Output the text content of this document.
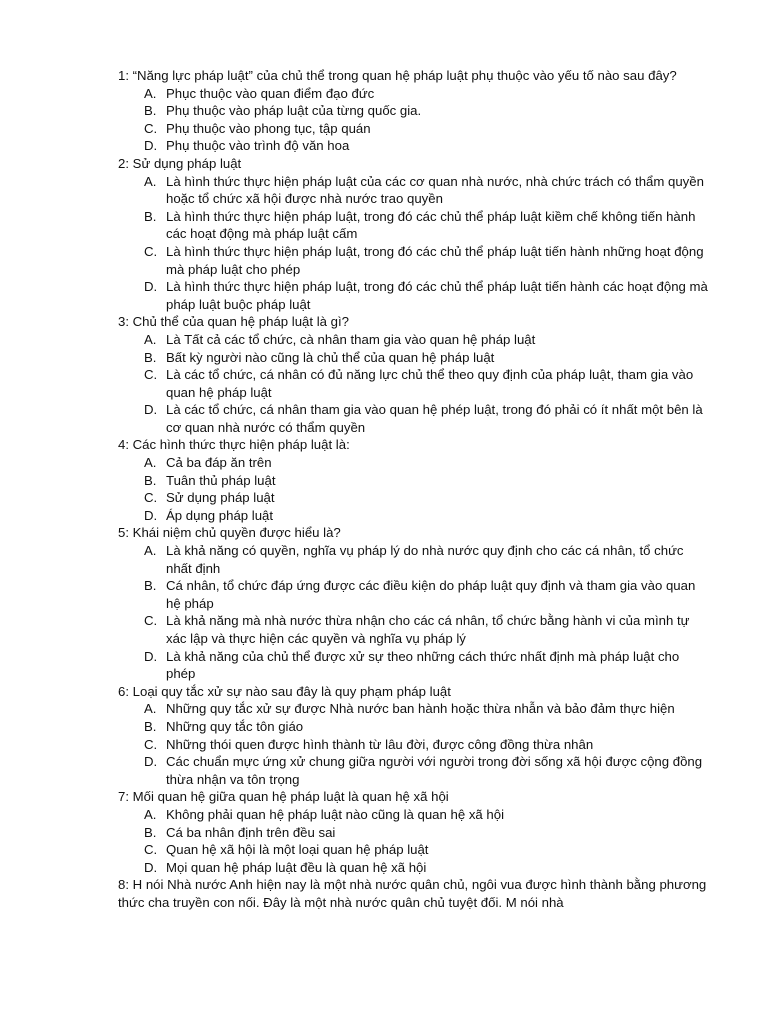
1: “Năng lực pháp luật” của chủ thể trong quan hệ pháp luật phụ thuộc vào yếu tố nào sau đây?

A. Phục thuộc vào quan điểm đạo đức
B. Phụ thuộc vào pháp luật của từng quốc gia.
C. Phụ thuộc vào phong tục, tập quán
D. Phụ thuộc vào trình độ văn hoa

2: Sử dụng pháp luật

A. Là hình thức thực hiện pháp luật của các cơ quan nhà nước, nhà chức trách có thẩm quyền hoặc tổ chức xã hội được nhà nước trao quyền
B. Là hình thức thực hiện pháp luật, trong đó các chủ thể pháp luật kiềm chế không tiến hành các hoạt động mà pháp luật cấm
C. Là hình thức thực hiện pháp luật, trong đó các chủ thể pháp luật tiến hành những hoạt động mà pháp luật cho phép
D. Là hình thức thực hiện pháp luật, trong đó các chủ thể pháp luật tiến hành các hoạt động mà pháp luật buộc pháp luật

3: Chủ thể của quan hệ pháp luật là gì?

A. Là Tất cả các tổ chức, cà nhân tham gia vào quan hệ pháp luật
B. Bất kỳ người nào cũng là chủ thể của quan hệ pháp luật
C. Là các tổ chức, cá nhân có đủ năng lực chủ thể theo quy định của pháp luật, tham gia vào quan hệ pháp luật
D. Là các tổ chức, cá nhân tham gia vào quan hệ phép luật, trong đó phải có ít nhất một bên là cơ quan nhà nước có thẩm quyền

4: Các hình thức thực hiện pháp luật là:

A. Cả ba đáp ăn trên
B. Tuân thủ pháp luật
C. Sử dụng pháp luật
D. Áp dụng pháp luật

5: Khái niệm chủ quyền được hiểu là?

A. Là khả năng có quyền, nghĩa vụ pháp lý do nhà nước quy định cho các cá nhân, tổ chức nhất định
B. Cá nhân, tổ chức đáp ứng được các điều kiện do pháp luật quy định và tham gia vào quan hệ pháp
C. Là khả năng mà nhà nước thừa nhận cho các cá nhân, tổ chức bằng hành vi của mình tự xác lập và thực hiện các quyền và nghĩa vụ pháp lý
D. Là khả năng của chủ thể được xử sự theo những cách thức nhất định mà pháp luật cho phép

6: Loại quy tắc xử sự nào sau đây là quy phạm pháp luật

A. Những quy tắc xử sự được Nhà nước ban hành hoặc thừa nhẫn và bảo đảm thực hiện
B. Những quy tắc tôn giáo
C. Những thói quen được hình thành từ lâu đời, được công đồng thừa nhân
D. Các chuẩn mực ứng xử chung giữa người với người trong đời sống xã hội được cộng đồng thừa nhận va tôn trọng

7: Mối quan hệ giữa quan hệ pháp luật là quan hệ xã hội

A. Không phải quan hệ pháp luật nào cũng là quan hệ xã hội
B. Cá ba nhân định trên đều sai
C. Quan hệ xã hội là một loại quan hệ pháp luật
D. Mọi quan hệ pháp luật đều là quan hệ xã hội

8: H nói Nhà nước Anh hiện nay là một nhà nước quân chủ, ngôi vua được hình thành bằng phương thức cha truyền con nối. Đây là một nhà nước quân chủ tuyệt đối. M nói nhà
